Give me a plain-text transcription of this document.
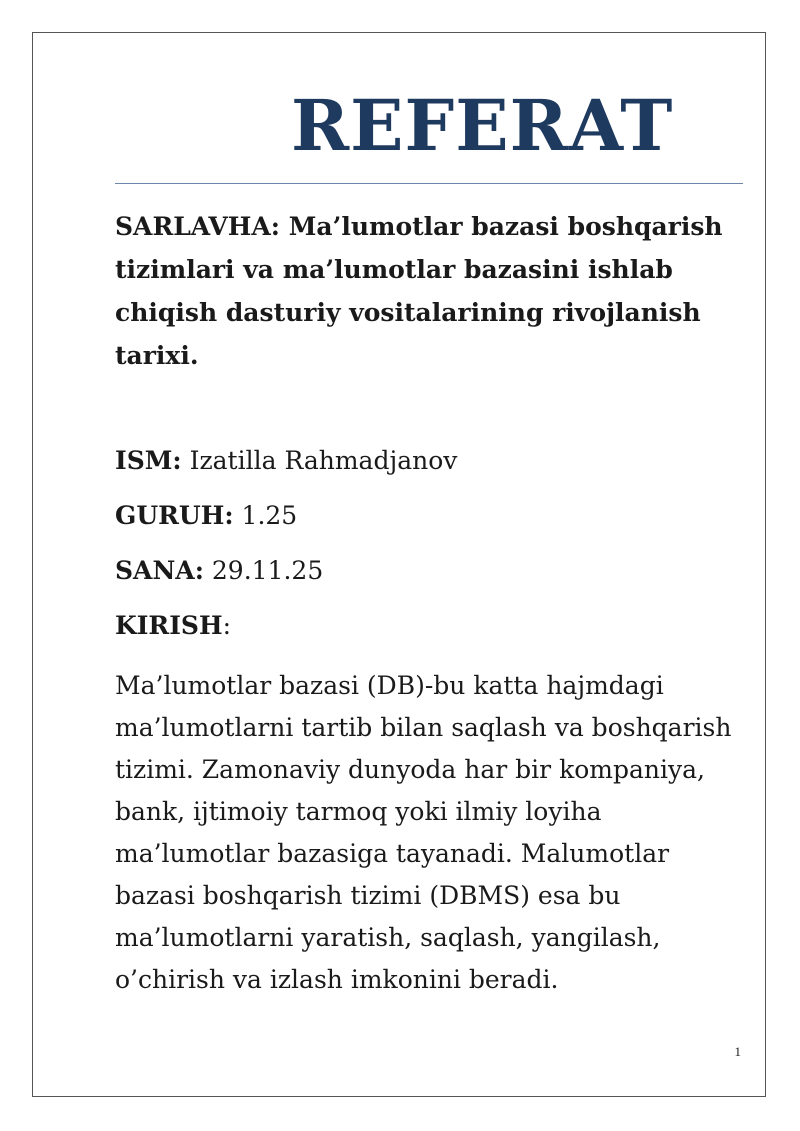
REFERAT
SARLAVHA: Ma’lumotlar bazasi boshqarish tizimlari va ma’lumotlar bazasini ishlab chiqish dasturiy vositalarining rivojlanish tarixi.
ISM: Izatilla Rahmadjanov
GURUH: 1.25
SANA: 29.11.25
KIRISH:
Ma’lumotlar bazasi (DB)-bu katta hajmdagi ma’lumotlarni tartib bilan saqlash va boshqarish tizimi. Zamonaviy dunyoda har bir kompaniya, bank, ijtimoiy tarmoq yoki ilmiy loyiha ma’lumotlar bazasiga tayanadi. Malumotlar bazasi boshqarish tizimi (DBMS) esa bu ma’lumotlarni yaratish, saqlash, yangilash, o’chirish va izlash imkonini beradi.
1
